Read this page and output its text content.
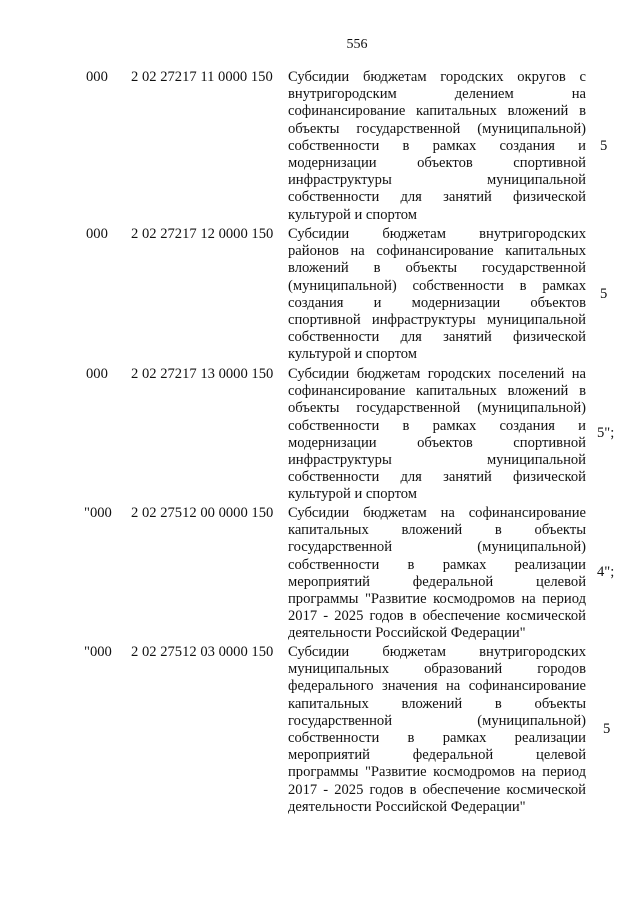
556
000 2 02 27217 11 0000 150 Субсидии бюджетам городских округов с
внутригородским делением на
софинансирование капитальных вложений в
объекты государственной (муниципальной)
собственности в рамках создания и
модернизации объектов спортивной
инфраструктуры муниципальной
собственности для занятий физической
культурой и спортом
5
000 2 02 27217 12 0000 150 Субсидии бюджетам внутригородских
районов на софинансирование капитальных
вложений в объекты государственной
(муниципальной) собственности в рамках
создания и модернизации объектов
спортивной инфраструктуры муниципальной
собственности для занятий физической
культурой и спортом
5
000 2 02 27217 13 0000 150 Субсидии бюджетам городских поселений на
софинансирование капитальных вложений в
объекты государственной (муниципальной)
собственности в рамках создания и
модернизации объектов спортивной
инфраструктуры муниципальной
собственности для занятий физической
культурой и спортом
5";
"000 2 02 27512 00 0000 150 Субсидии бюджетам на софинансирование
капитальных вложений в объекты
государственной (муниципальной)
собственности в рамках реализации
мероприятий федеральной целевой
программы "Развитие космодромов на период
2017 - 2025 годов в обеспечение космической
деятельности Российской Федерации"
4";
"000 2 02 27512 03 0000 150 Субсидии бюджетам внутригородских
муниципальных образований городов
федерального значения на софинансирование
капитальных вложений в объекты
государственной (муниципальной)
собственности в рамках реализации
мероприятий федеральной целевой
программы "Развитие космодромов на период
2017 - 2025 годов в обеспечение космической
деятельности Российской Федерации"
5
